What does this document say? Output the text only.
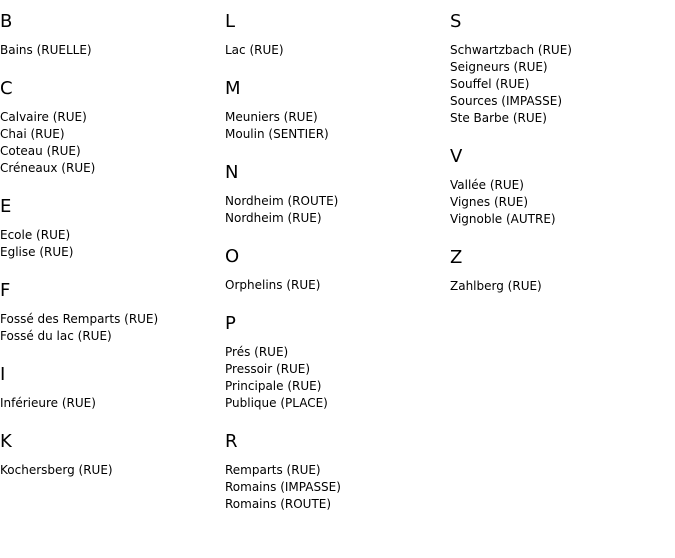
B
Bains (RUELLE)
C
Calvaire (RUE)
Chai (RUE)
Coteau (RUE)
Créneaux (RUE)
E
Ecole (RUE)
Eglise (RUE)
F
Fossé des Remparts (RUE)
Fossé du lac (RUE)
I
Inférieure (RUE)
K
Kochersberg (RUE)
L
Lac (RUE)
M
Meuniers (RUE)
Moulin (SENTIER)
N
Nordheim (ROUTE)
Nordheim (RUE)
O
Orphelins (RUE)
P
Prés (RUE)
Pressoir (RUE)
Principale (RUE)
Publique (PLACE)
R
Remparts (RUE)
Romains (IMPASSE)
Romains (ROUTE)
S
Schwartzbach (RUE)
Seigneurs (RUE)
Souffel (RUE)
Sources (IMPASSE)
Ste Barbe (RUE)
V
Vallée (RUE)
Vignes (RUE)
Vignoble (AUTRE)
Z
Zahlberg (RUE)
